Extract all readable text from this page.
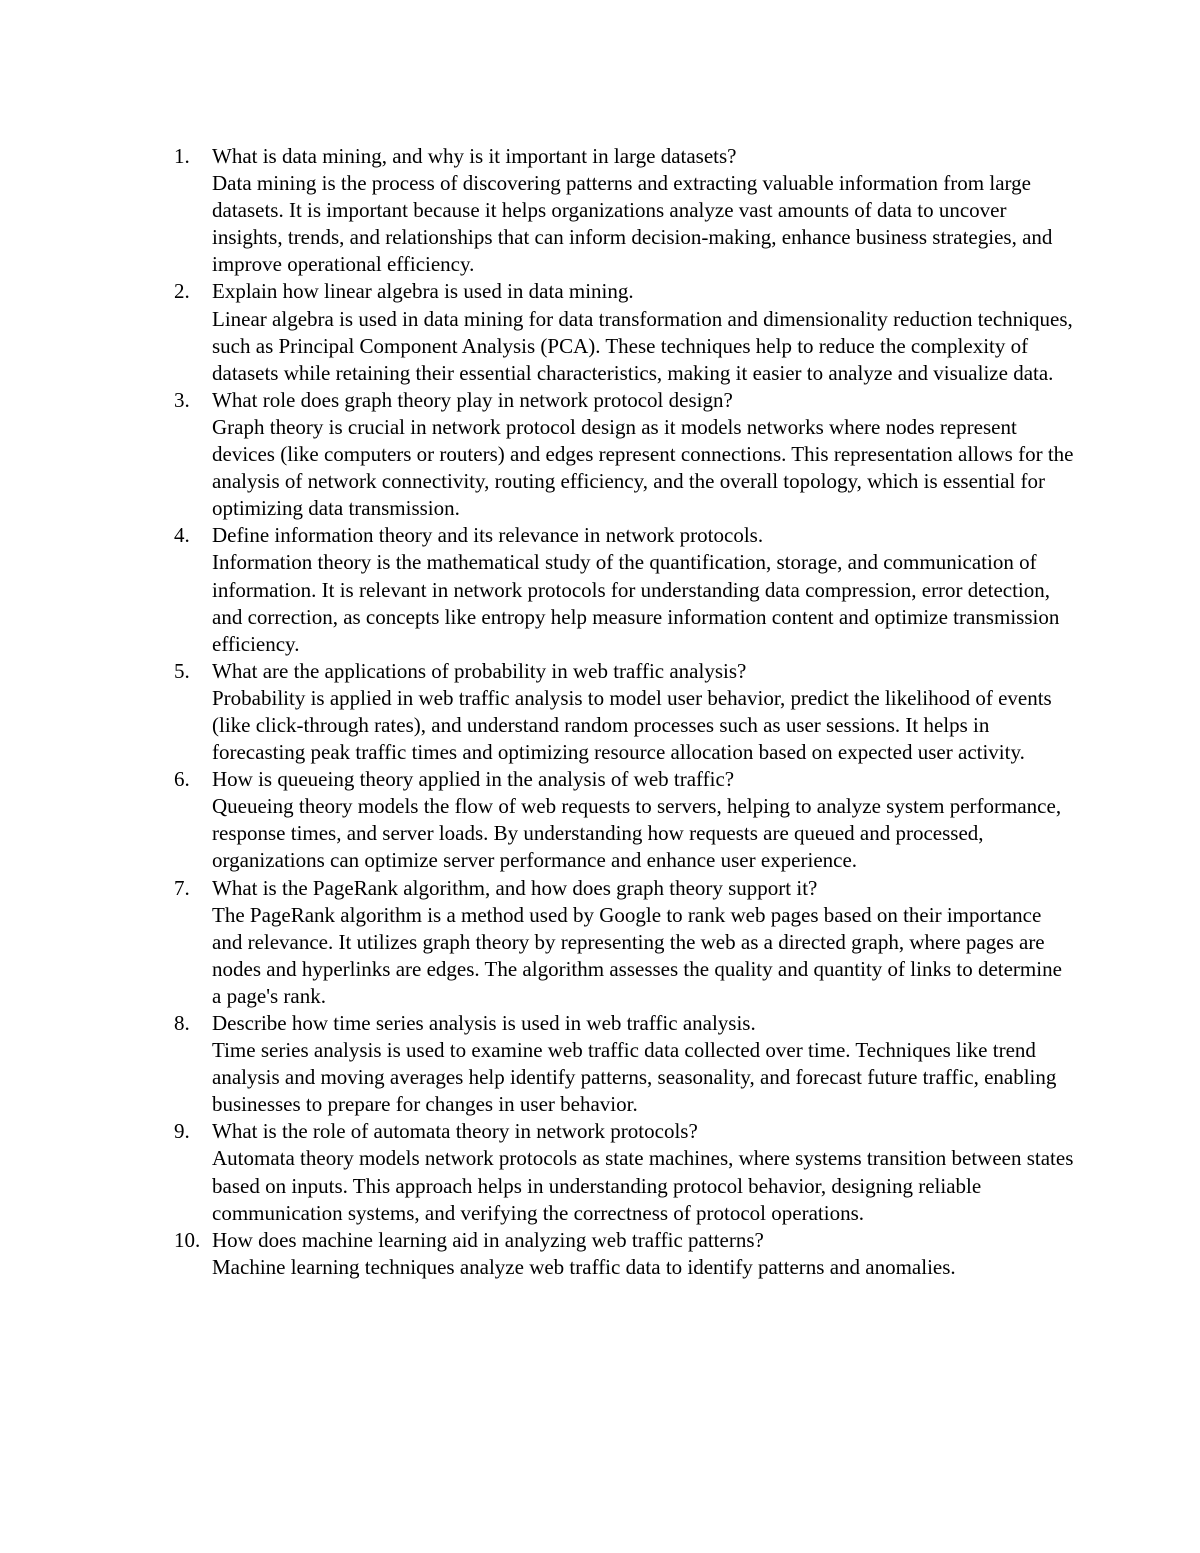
1.	What is data mining, and why is it important in large datasets?
Data mining is the process of discovering patterns and extracting valuable information from large datasets. It is important because it helps organizations analyze vast amounts of data to uncover insights, trends, and relationships that can inform decision-making, enhance business strategies, and improve operational efficiency.
2.	Explain how linear algebra is used in data mining.
Linear algebra is used in data mining for data transformation and dimensionality reduction techniques, such as Principal Component Analysis (PCA). These techniques help to reduce the complexity of datasets while retaining their essential characteristics, making it easier to analyze and visualize data.
3.	What role does graph theory play in network protocol design?
Graph theory is crucial in network protocol design as it models networks where nodes represent devices (like computers or routers) and edges represent connections. This representation allows for the analysis of network connectivity, routing efficiency, and the overall topology, which is essential for optimizing data transmission.
4.	Define information theory and its relevance in network protocols.
Information theory is the mathematical study of the quantification, storage, and communication of information. It is relevant in network protocols for understanding data compression, error detection, and correction, as concepts like entropy help measure information content and optimize transmission efficiency.
5.	What are the applications of probability in web traffic analysis?
Probability is applied in web traffic analysis to model user behavior, predict the likelihood of events (like click-through rates), and understand random processes such as user sessions. It helps in forecasting peak traffic times and optimizing resource allocation based on expected user activity.
6.	How is queueing theory applied in the analysis of web traffic?
Queueing theory models the flow of web requests to servers, helping to analyze system performance, response times, and server loads. By understanding how requests are queued and processed, organizations can optimize server performance and enhance user experience.
7.	What is the PageRank algorithm, and how does graph theory support it?
The PageRank algorithm is a method used by Google to rank web pages based on their importance and relevance. It utilizes graph theory by representing the web as a directed graph, where pages are nodes and hyperlinks are edges. The algorithm assesses the quality and quantity of links to determine a page's rank.
8.	Describe how time series analysis is used in web traffic analysis.
Time series analysis is used to examine web traffic data collected over time. Techniques like trend analysis and moving averages help identify patterns, seasonality, and forecast future traffic, enabling businesses to prepare for changes in user behavior.
9.	What is the role of automata theory in network protocols?
Automata theory models network protocols as state machines, where systems transition between states based on inputs. This approach helps in understanding protocol behavior, designing reliable communication systems, and verifying the correctness of protocol operations.
10. How does machine learning aid in analyzing web traffic patterns?
Machine learning techniques analyze web traffic data to identify patterns and anomalies.
